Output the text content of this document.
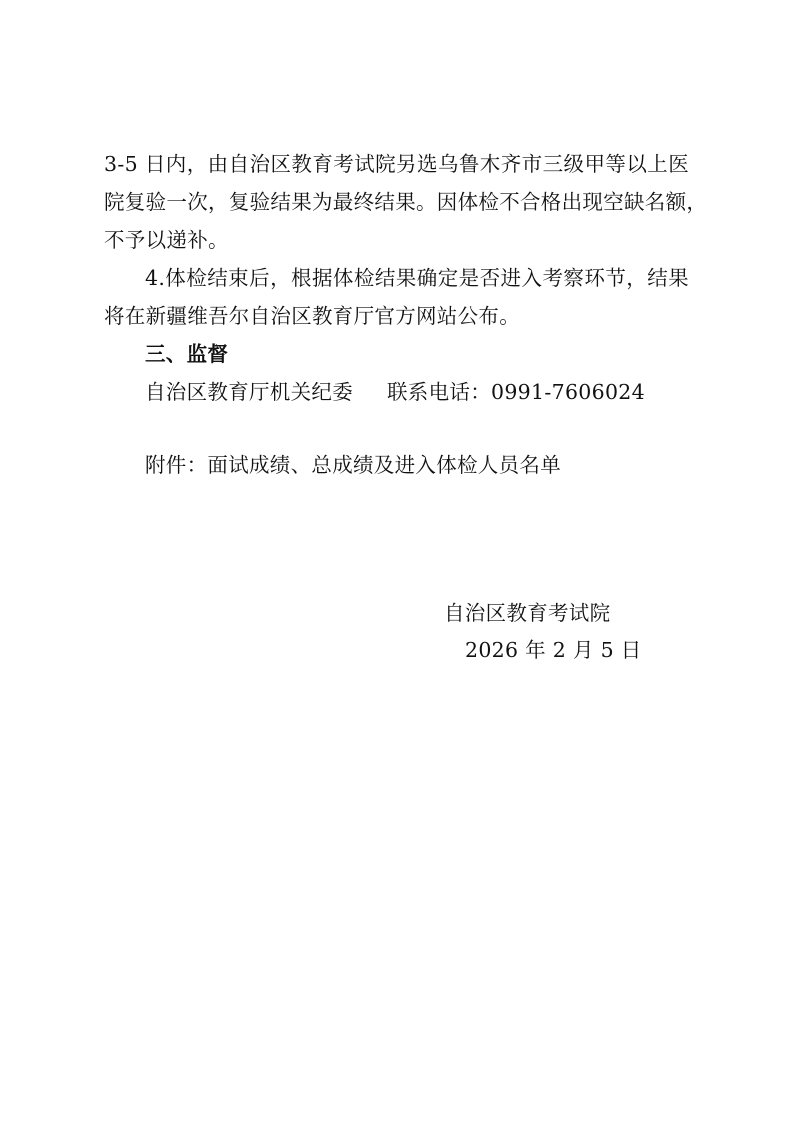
3-5 日内，由自治区教育考试院另选乌鲁木齐市三级甲等以上医
院复验一次，复验结果为最终结果。因体检不合格出现空缺名额，
不予以递补。
4.体检结束后，根据体检结果确定是否进入考察环节，结果
将在新疆维吾尔自治区教育厅官方网站公布。
三、监督
自治区教育厅机关纪委 联系电话：0991-7606024
附件：面试成绩、总成绩及进入体检人员名单
自治区教育考试院
2026 年 2 月 5 日
